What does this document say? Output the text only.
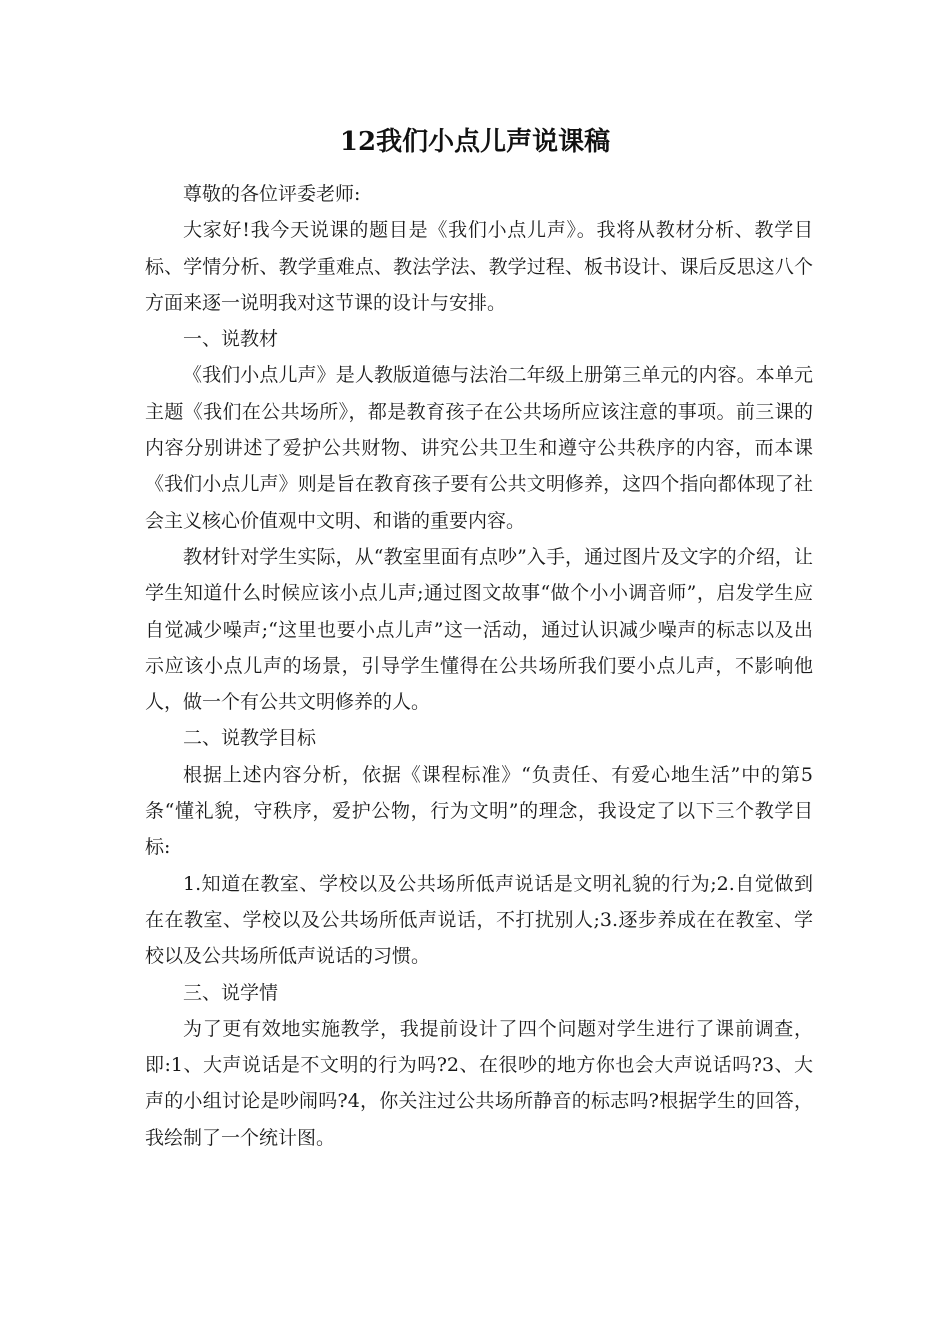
12我们小点儿声说课稿

尊敬的各位评委老师:

大家好!我今天说课的题目是《我们小点儿声》。我将从教材分析、教学目标、学情分析、教学重难点、教法学法、教学过程、板书设计、课后反思这八个方面来逐一说明我对这节课的设计与安排。

一、说教材

《我们小点儿声》是人教版道德与法治二年级上册第三单元的内容。本单元主题《我们在公共场所》，都是教育孩子在公共场所应该注意的事项。前三课的内容分别讲述了爱护公共财物、讲究公共卫生和遵守公共秩序的内容，而本课《我们小点儿声》则是旨在教育孩子要有公共文明修养，这四个指向都体现了社会主义核心价值观中文明、和谐的重要内容。

教材针对学生实际，从“教室里面有点吵”入手，通过图片及文字的介绍，让学生知道什么时候应该小点儿声;通过图文故事“做个小小调音师”，启发学生应自觉减少噪声;“这里也要小点儿声”这一活动，通过认识减少噪声的标志以及出示应该小点儿声的场景，引导学生懂得在公共场所我们要小点儿声，不影响他人，做一个有公共文明修养的人。

二、说教学目标

根据上述内容分析，依据《课程标准》“负责任、有爱心地生活”中的第5条“懂礼貌，守秩序，爱护公物，行为文明”的理念，我设定了以下三个教学目标:

1.知道在教室、学校以及公共场所低声说话是文明礼貌的行为;2.自觉做到在在教室、学校以及公共场所低声说话，不打扰别人;3.逐步养成在在教室、学校以及公共场所低声说话的习惯。

三、说学情

为了更有效地实施教学，我提前设计了四个问题对学生进行了课前调查，即:1、大声说话是不文明的行为吗?2、在很吵的地方你也会大声说话吗?3、大声的小组讨论是吵闹吗?4，你关注过公共场所静音的标志吗?根据学生的回答，我绘制了一个统计图。
